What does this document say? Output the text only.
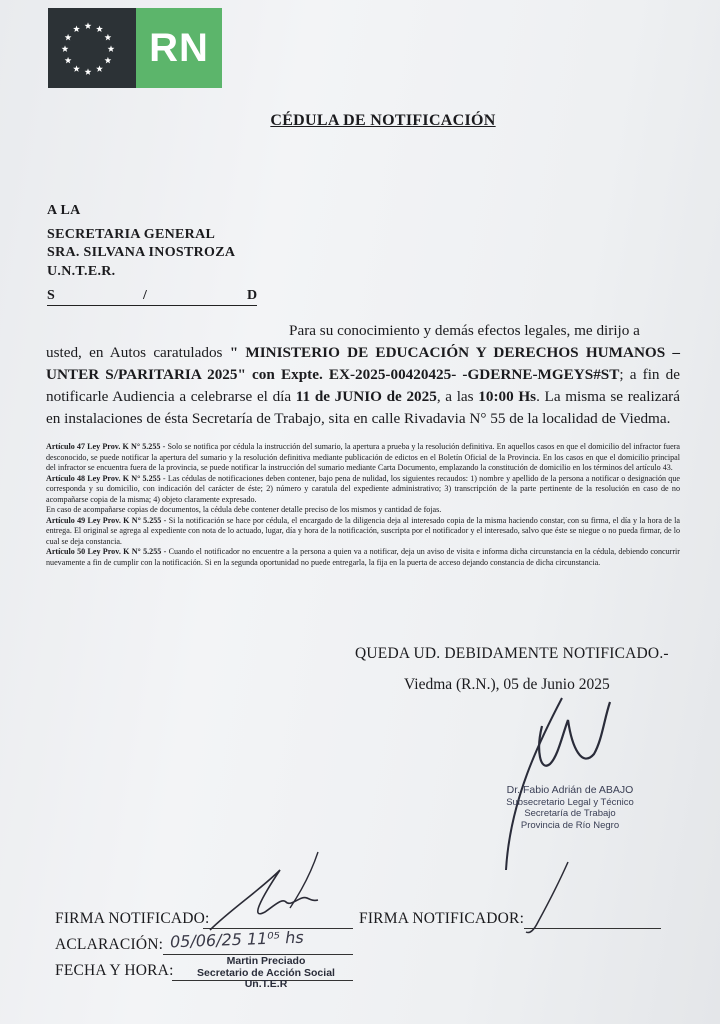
RN
CÉDULA DE NOTIFICACIÓN
A LA
SECRETARIA GENERAL
SRA. SILVANA INOSTROZA
U.N.T.E.R.
S	/	D

Para su conocimiento y demás efectos legales, me dirijo a

usted, en Autos caratulados " MINISTERIO DE EDUCACIÓN Y DERECHOS HUMANOS – UNTER S/PARITARIA 2025" con Expte. EX-2025-00420425- -GDERNE-MGEYS#ST; a fin de notificarle Audiencia a celebrarse el día 11 de JUNIO de 2025, a las 10:00 Hs. La misma se realizará en instalaciones de ésta Secretaría de Trabajo, sita en calle Rivadavia N° 55 de la localidad de Viedma.

Artículo 47 Ley Prov. K N° 5.255 - Solo se notifica por cédula la instrucción del sumario, la apertura a prueba y la resolución definitiva. En aquellos casos en que el domicilio del infractor fuera desconocido, se puede notificar la apertura del sumario y la resolución definitiva mediante publicación de edictos en el Boletín Oficial de la Provincia. En los casos en que el domicilio principal del infractor se encuentra fuera de la provincia, se puede notificar la instrucción del sumario mediante Carta Documento, emplazando la constitución de domicilio en los términos del artículo 43.

Artículo 48 Ley Prov. K N° 5.255 - Las cédulas de notificaciones deben contener, bajo pena de nulidad, los siguientes recaudos: 1) nombre y apellido de la persona a notificar o designación que corresponda y su domicilio, con indicación del carácter de éste; 2) número y caratula del expediente administrativo; 3) transcripción de la parte pertinente de la resolución en caso de no acompañarse copia de la misma; 4) objeto claramente expresado.

En caso de acompañarse copias de documentos, la cédula debe contener detalle preciso de los mismos y cantidad de fojas.

Artículo 49 Ley Prov. K N° 5.255 - Si la notificación se hace por cédula, el encargado de la diligencia deja al interesado copia de la misma haciendo constar, con su firma, el día y la hora de la entrega. El original se agrega al expediente con nota de lo actuado, lugar, día y hora de la notificación, suscripta por el notificador y el interesado, salvo que éste se niegue o no pueda firmar, de lo cual se deja constancia.

Artículo 50 Ley Prov. K N° 5.255 - Cuando el notificador no encuentre a la persona a quien va a notificar, deja un aviso de visita e informa dicha circunstancia en la cédula, debiendo concurrir nuevamente a fin de cumplir con la notificación. Si en la segunda oportunidad no puede entregarla, la fija en la puerta de acceso dejando constancia de dicha circunstancia.

QUEDA UD. DEBIDAMENTE NOTIFICADO.-
Viedma (R.N.), 05 de Junio 2025
Dr. Fabio Adrián de ABAJO
Subsecretario Legal y Técnico
Secretaría de Trabajo
Provincia de Río Negro
FIRMA NOTIFICADO:	FIRMA NOTIFICADOR:
ACLARACIÓN:
FECHA Y HORA:
05/06/25 11⁰⁵ hs
Martin Preciado
Secretario de Acción Social
Un.T.E.R
